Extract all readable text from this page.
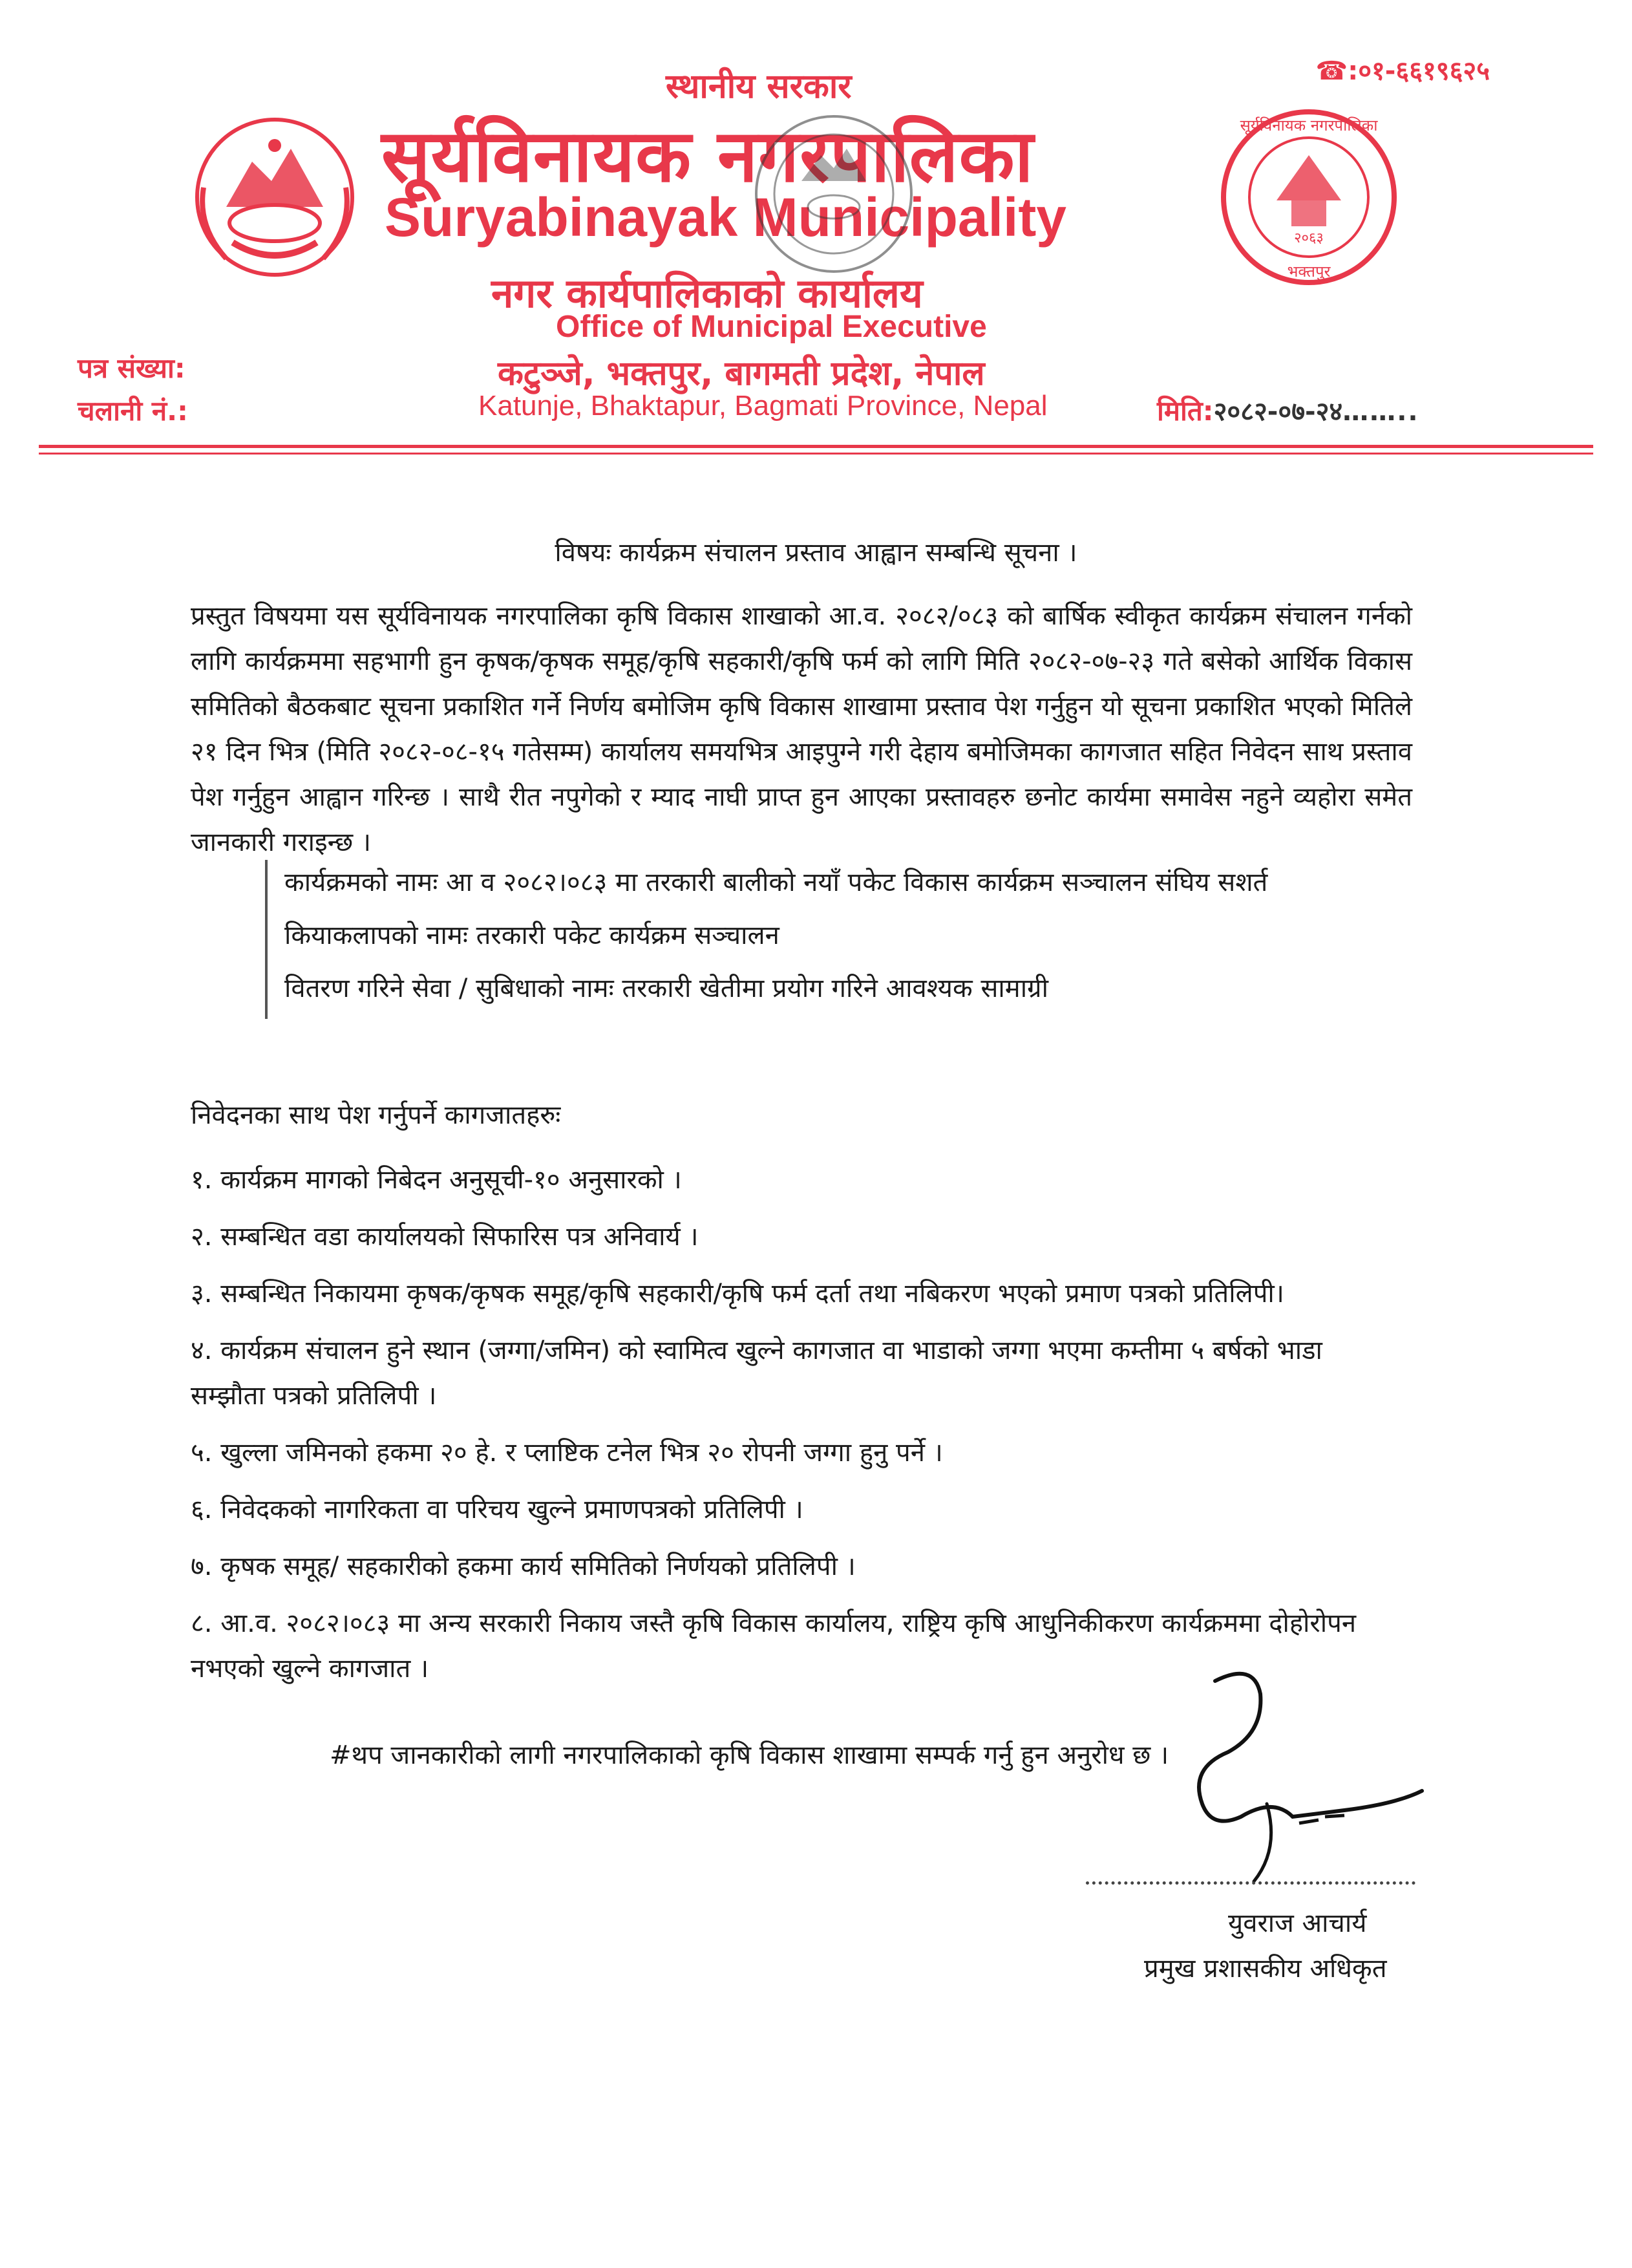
स्थानीय सरकार	☎:०१-६६१९६२५
सूर्यविनायक नगरपालिका
Suryabinayak Municipality
नगर कार्यपालिकाको कार्यालय
Office of Municipal Executive
कटुञ्जे, भक्तपुर, बागमती प्रदेश, नेपाल
Katunje, Bhaktapur, Bagmati Province, Nepal
२०६३
सूर्यविनायक नगरपालिका
भक्तपुर
पत्र संख्या:
चलानी नं.:	मिति:२०८२-०७-२४……..
विषयः कार्यक्रम संचालन प्रस्ताव आह्वान सम्बन्धि सूचना ।
प्रस्तुत विषयमा यस सूर्यविनायक नगरपालिका कृषि विकास शाखाको आ.व. २०८२/०८३ को बार्षिक स्वीकृत कार्यक्रम संचालन गर्नको लागि कार्यक्रममा सहभागी हुन कृषक/कृषक समूह/कृषि सहकारी/कृषि फर्म को लागि मिति २०८२-०७-२३ गते बसेको आर्थिक विकास समितिको बैठकबाट सूचना प्रकाशित गर्ने निर्णय बमोजिम कृषि विकास शाखामा प्रस्ताव पेश गर्नुहुन यो सूचना प्रकाशित भएको मितिले २१ दिन भित्र (मिति २०८२-०८-१५ गतेसम्म) कार्यालय समयभित्र आइपुग्ने गरी देहाय बमोजिमका कागजात सहित निवेदन साथ प्रस्ताव पेश गर्नुहुन आह्वान गरिन्छ । साथै रीत नपुगेको र म्याद नाघी प्राप्त हुन आएका प्रस्तावहरु छनोट कार्यमा समावेस नहुने व्यहोरा समेत जानकारी गराइन्छ ।
कार्यक्रमको नामः आ व २०८२।०८३ मा तरकारी बालीको नयाँ पकेट विकास कार्यक्रम सञ्चालन संघिय सशर्त
कियाकलापको नामः तरकारी पकेट कार्यक्रम सञ्चालन
वितरण गरिने सेवा / सुबिधाको नामः तरकारी खेतीमा प्रयोग गरिने आवश्यक सामाग्री
निवेदनका साथ पेश गर्नुपर्ने कागजातहरुः
१. कार्यक्रम मागको निबेदन अनुसूची-१० अनुसारको ।
२. सम्बन्धित वडा कार्यालयको सिफारिस पत्र अनिवार्य ।
३. सम्बन्धित निकायमा कृषक/कृषक समूह/कृषि सहकारी/कृषि फर्म दर्ता तथा नबिकरण भएको प्रमाण पत्रको प्रतिलिपी।
४. कार्यक्रम संचालन हुने स्थान (जग्गा/जमिन) को स्वामित्व खुल्ने कागजात वा भाडाको जग्गा भएमा कम्तीमा ५ बर्षको भाडा सम्झौता पत्रको प्रतिलिपी ।
५. खुल्ला जमिनको हकमा २० हे. र प्लाष्टिक टनेल भित्र २० रोपनी जग्गा हुनु पर्ने ।
६. निवेदकको नागरिकता वा परिचय खुल्ने प्रमाणपत्रको प्रतिलिपी ।
७. कृषक समूह/ सहकारीको हकमा कार्य समितिको निर्णयको प्रतिलिपी ।
८. आ.व. २०८२।०८३ मा अन्य सरकारी निकाय जस्तै कृषि विकास कार्यालय, राष्ट्रिय कृषि आधुनिकीकरण कार्यक्रममा दोहोरोपन नभएको खुल्ने कागजात ।
#थप जानकारीको लागी नगरपालिकाको कृषि विकास शाखामा सम्पर्क गर्नु हुन अनुरोध छ ।
युवराज आचार्य
प्रमुख प्रशासकीय अधिकृत
